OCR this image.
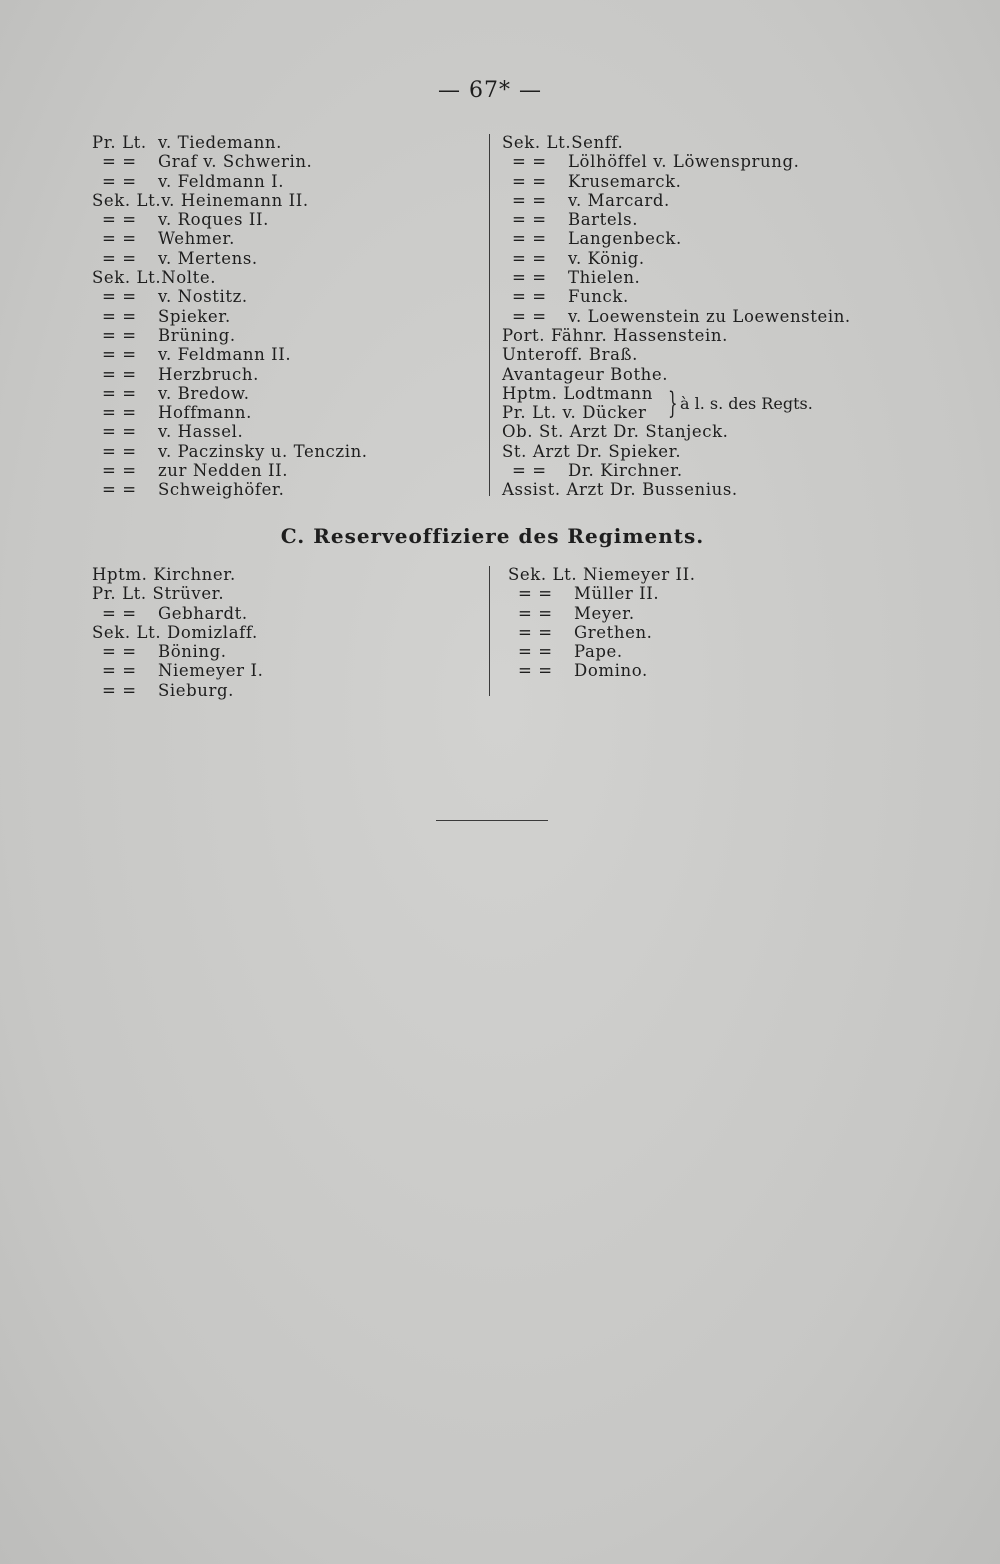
— 67* —
Pr. Lt. v. Tiedemann.
= = Graf v. Schwerin.
= = v. Feldmann I.
Sek. Lt.v. Heinemann II.
= = v. Roques II.
= = Wehmer.
= = v. Mertens.
Sek. Lt.Nolte.
= = v. Nostitz.
= = Spieker.
= = Brüning.
= = v. Feldmann II.
= = Herzbruch.
= = v. Bredow.
= = Hoffmann.
= = v. Hassel.
= = v. Paczinsky u. Tenczin.
= = zur Nedden II.
= = Schweighöfer.
Sek. Lt.Senff.
= = Lölhöffel v. Löwensprung.
= = Krusemarck.
= = v. Marcard.
= = Bartels.
= = Langenbeck.
= = v. König.
= = Thielen.
= = Funck.
= = v. Loewenstein zu Loewenstein.
Port. Fähnr. Hassenstein.
Unteroff. Braß.
Avantageur Bothe.
Hptm. Lodtmann
Pr. Lt. v. Dücker } à l. s. des Regts.
Ob. St. Arzt Dr. Stanjeck.
St. Arzt Dr. Spieker.
= = Dr. Kirchner.
Assist. Arzt Dr. Bussenius.
C. Reserveoffiziere des Regiments.
Hptm. Kirchner.
Pr. Lt. Strüver.
= = Gebhardt.
Sek. Lt. Domizlaff.
= = Böning.
= = Niemeyer I.
= = Sieburg.
Sek. Lt. Niemeyer II.
= = Müller II.
= = Meyer.
= = Grethen.
= = Pape.
= = Domino.
